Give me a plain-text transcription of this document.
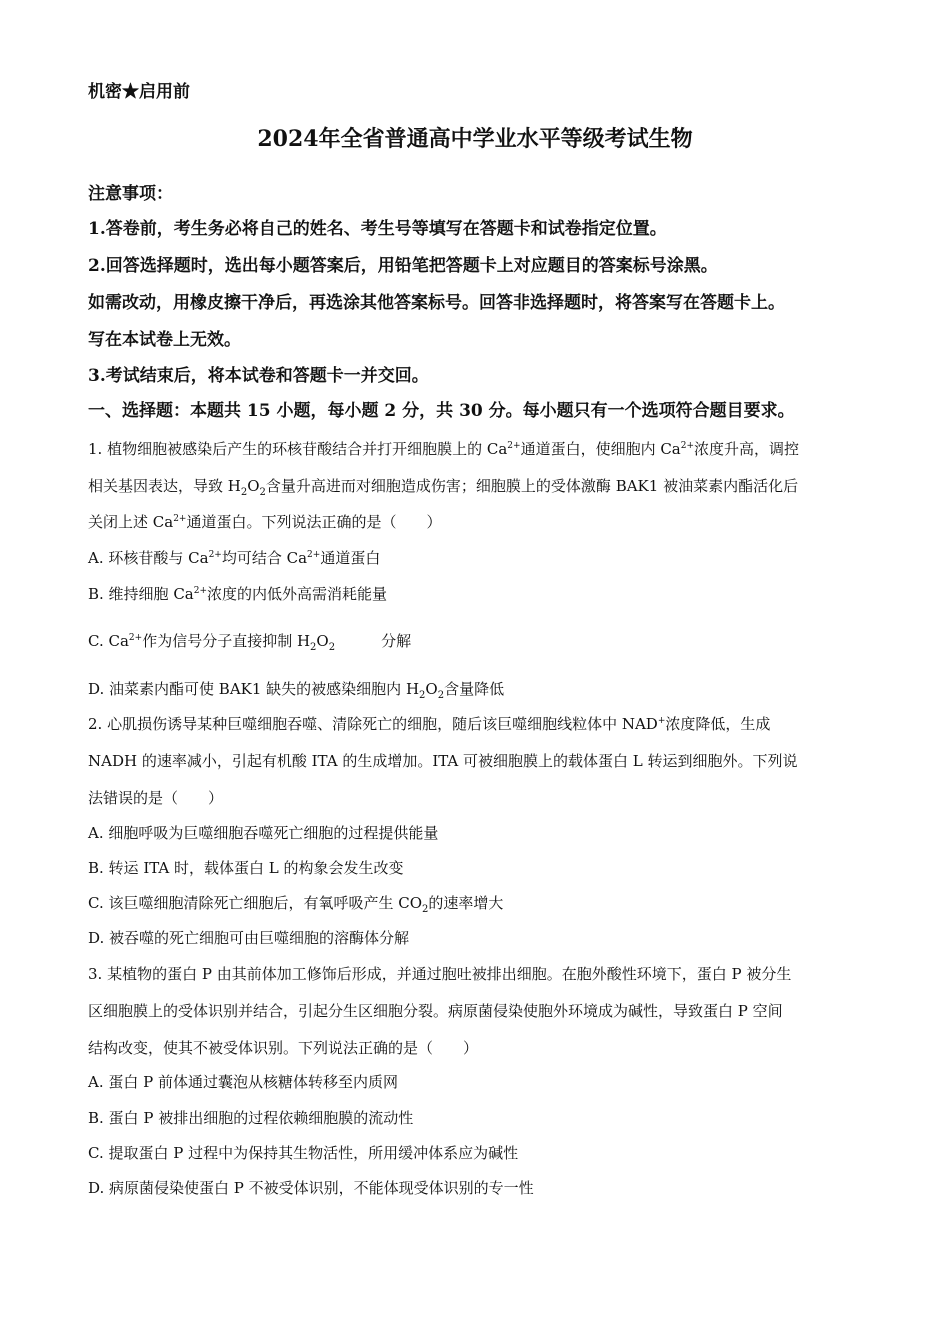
机密★启用前
2024年全省普通高中学业水平等级考试生物
注意事项：
1.答卷前，考生务必将自己的姓名、考生号等填写在答题卡和试卷指定位置。
2.回答选择题时，选出每小题答案后，用铅笔把答题卡上对应题目的答案标号涂黑。
如需改动，用橡皮擦干净后，再选涂其他答案标号。回答非选择题时，将答案写在答题卡上。
写在本试卷上无效。
3.考试结束后，将本试卷和答题卡一并交回。
一、选择题：本题共 15 小题，每小题 2 分，共 30 分。每小题只有一个选项符合题目要求。
1. 植物细胞被感染后产生的环核苷酸结合并打开细胞膜上的 $Ca^{2+}$通道蛋白，使细胞内 $Ca^{2+}$浓度升高，调控
相关基因表达，导致 $H_2O_2$含量升高进而对细胞造成伤害；细胞膜上的受体激酶 BAK1 被油菜素内酯活化后
关闭上述 $Ca^{2+}$通道蛋白。下列说法正确的是（　　）
A. 环核苷酸与 $Ca^{2+}$均可结合 $Ca^{2+}$通道蛋白
B. 维持细胞 $Ca^{2+}$浓度的内低外高需消耗能量
C. $Ca^{2+}$作为信号分子直接抑制 $H_2O_2$	分解
D. 油菜素内酯可使 BAK1 缺失的被感染细胞内 $H_2O_2$含量降低
2. 心肌损伤诱导某种巨噬细胞吞噬、清除死亡的细胞，随后该巨噬细胞线粒体中 NAD+浓度降低，生成
NADH 的速率减小，引起有机酸 ITA 的生成增加。ITA 可被细胞膜上的载体蛋白 L 转运到细胞外。下列说
法错误的是（　　）
A. 细胞呼吸为巨噬细胞吞噬死亡细胞的过程提供能量
B. 转运 ITA 时，载体蛋白 L 的构象会发生改变
C. 该巨噬细胞清除死亡细胞后，有氧呼吸产生 $CO_2$的速率增大
D. 被吞噬的死亡细胞可由巨噬细胞的溶酶体分解
3. 某植物的蛋白 P 由其前体加工修饰后形成，并通过胞吐被排出细胞。在胞外酸性环境下，蛋白 P 被分生
区细胞膜上的受体识别并结合，引起分生区细胞分裂。病原菌侵染使胞外环境成为碱性，导致蛋白 P 空间
结构改变，使其不被受体识别。下列说法正确的是（　　）
A. 蛋白 P 前体通过囊泡从核糖体转移至内质网
B. 蛋白 P 被排出细胞的过程依赖细胞膜的流动性
C. 提取蛋白 P 过程中为保持其生物活性，所用缓冲体系应为碱性
D. 病原菌侵染使蛋白 P 不被受体识别，不能体现受体识别的专一性
